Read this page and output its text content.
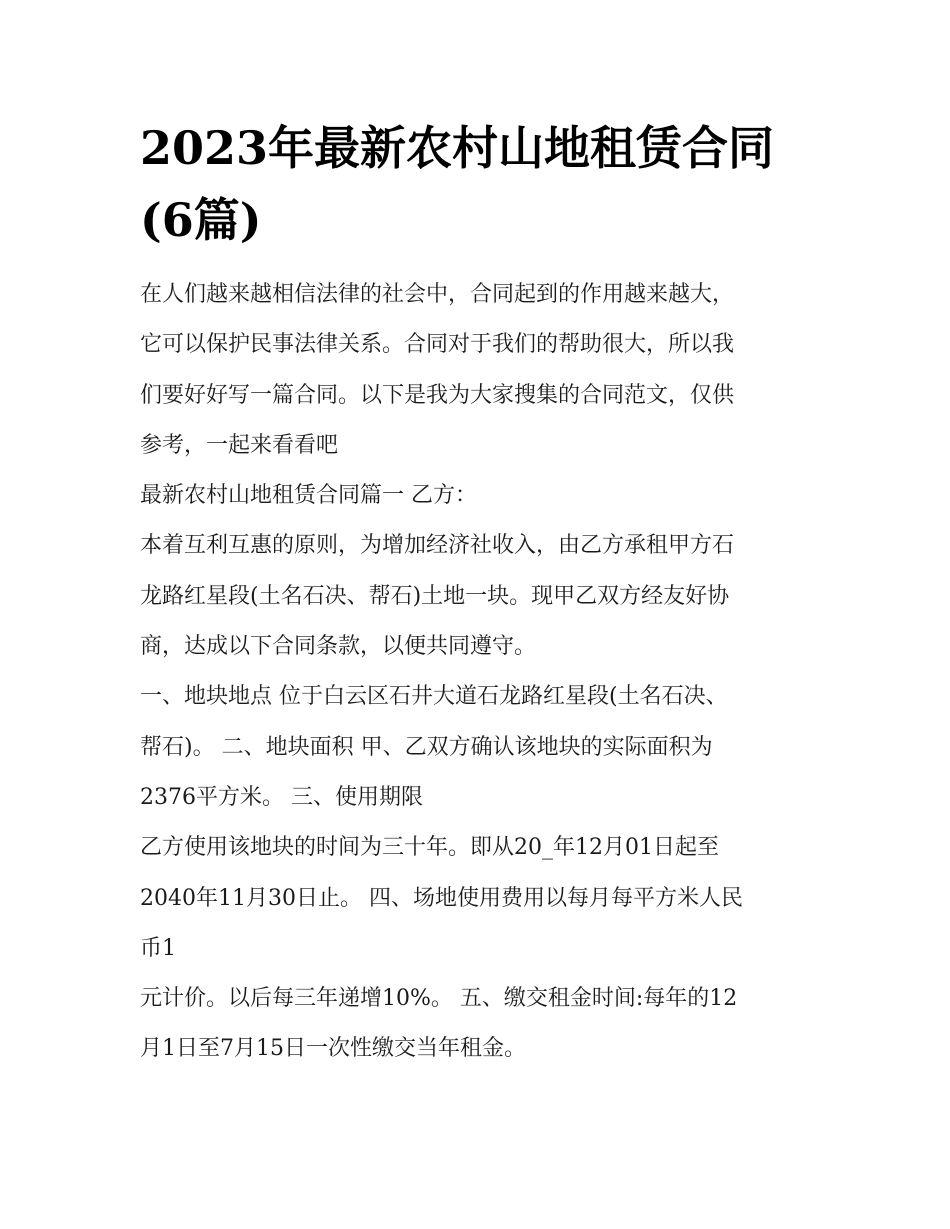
2023年最新农村山地租赁合同
(6篇)

在人们越来越相信法律的社会中，合同起到的作用越来越大，

它可以保护民事法律关系。合同对于我们的帮助很大，所以我

们要好好写一篇合同。以下是我为大家搜集的合同范文，仅供

参考，一起来看看吧

最新农村山地租赁合同篇一 乙方：

本着互利互惠的原则，为增加经济社收入，由乙方承租甲方石

龙路红星段(土名石决、帮石)土地一块。现甲乙双方经友好协

商，达成以下合同条款，以便共同遵守。

一、地块地点 位于白云区石井大道石龙路红星段(土名石决、

帮石)。 二、地块面积 甲、乙双方确认该地块的实际面积为

2376平方米。 三、使用期限

乙方使用该地块的时间为三十年。即从20_年12月01日起至

2040年11月30日止。 四、场地使用费用以每月每平方米人民

币1

元计价。以后每三年递增10%。 五、缴交租金时间:每年的12

月1日至7月15日一次性缴交当年租金。
